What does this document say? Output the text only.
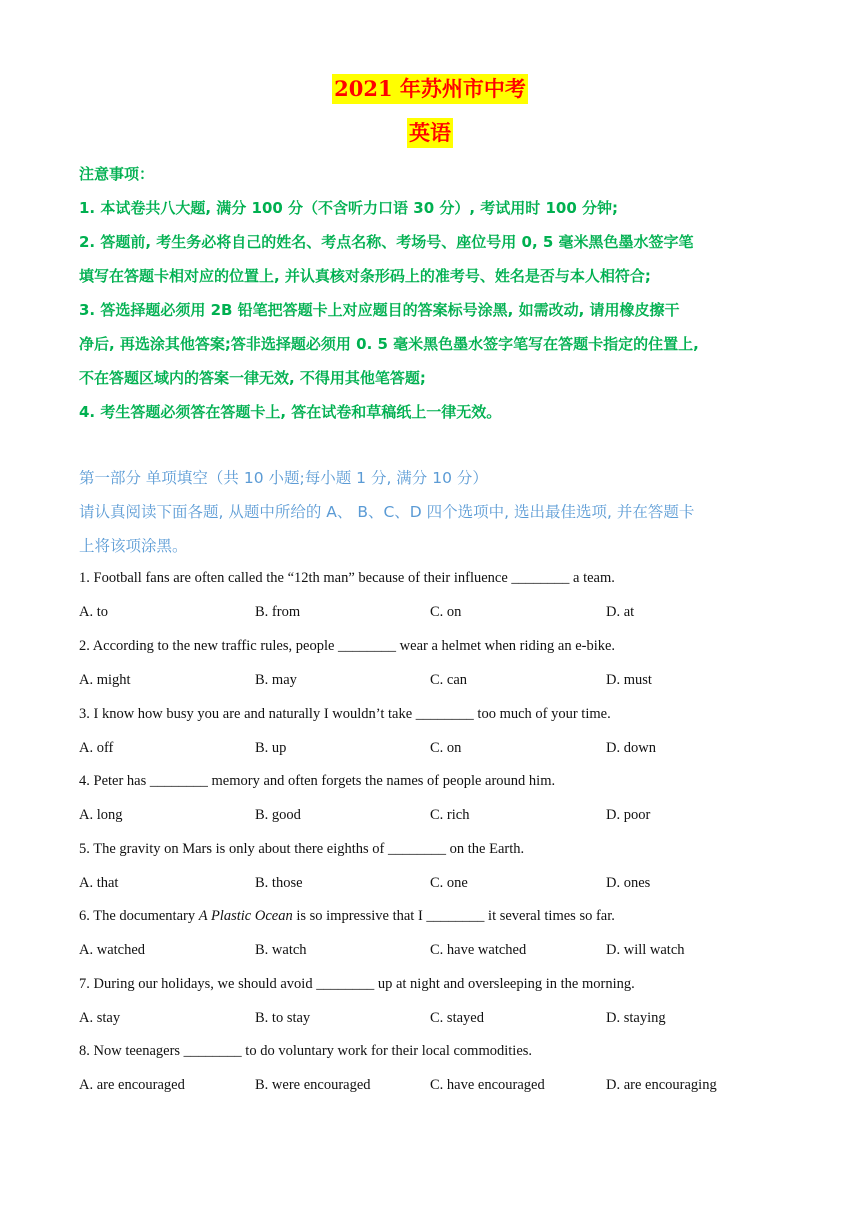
2021 年苏州市中考
英语
注意事项：
1. 本试卷共八大题, 满分 100 分（不含听力口语 30 分）, 考试用时 100 分钟;
2. 答题前, 考生务必将自己的姓名、考点名称、考场号、座位号用 0, 5 毫米黑色墨水签字笔
填写在答题卡相对应的位置上, 并认真核对条形码上的准考号、姓名是否与本人相符合;
3. 答选择题必须用 2B 铅笔把答题卡上对应题目的答案标号涂黑, 如需改动, 请用橡皮擦干
净后, 再选涂其他答案;答非选择题必须用 0. 5 毫米黑色墨水签字笔写在答题卡指定的住置上,
不在答题区域内的答案一律无效, 不得用其他笔答题;
4. 考生答题必须答在答题卡上, 答在试卷和草稿纸上一律无效。
第一部分 单项填空（共 10 小题;每小题 1 分, 满分 10 分）
请认真阅读下面各题, 从题中所给的 A、 B、C、D 四个选项中, 选出最佳选项, 并在答题卡
上将该项涂黑。
1. Football fans are often called the “12th man” because of their influence ________ a team.
A. to	B. from	C. on	D. at
2. According to the new traffic rules, people ________ wear a helmet when riding an e-bike.
A. might	B. may	C. can	D. must
3. I know how busy you are and naturally I wouldn’t take ________ too much of your time.
A. off	B. up	C. on	D. down
4. Peter has ________ memory and often forgets the names of people around him.
A. long	B. good	C. rich	D. poor
5. The gravity on Mars is only about there eighths of ________ on the Earth.
A. that	B. those	C. one	D. ones
6. The documentary A Plastic Ocean is so impressive that I ________ it several times so far.
A. watched	B. watch	C. have watched	D. will watch
7. During our holidays, we should avoid ________ up at night and oversleeping in the morning.
A. stay	B. to stay	C. stayed	D. staying
8. Now teenagers ________ to do voluntary work for their local commodities.
A. are encouraged	B. were encouraged	C. have encouraged	D. are encouraging
